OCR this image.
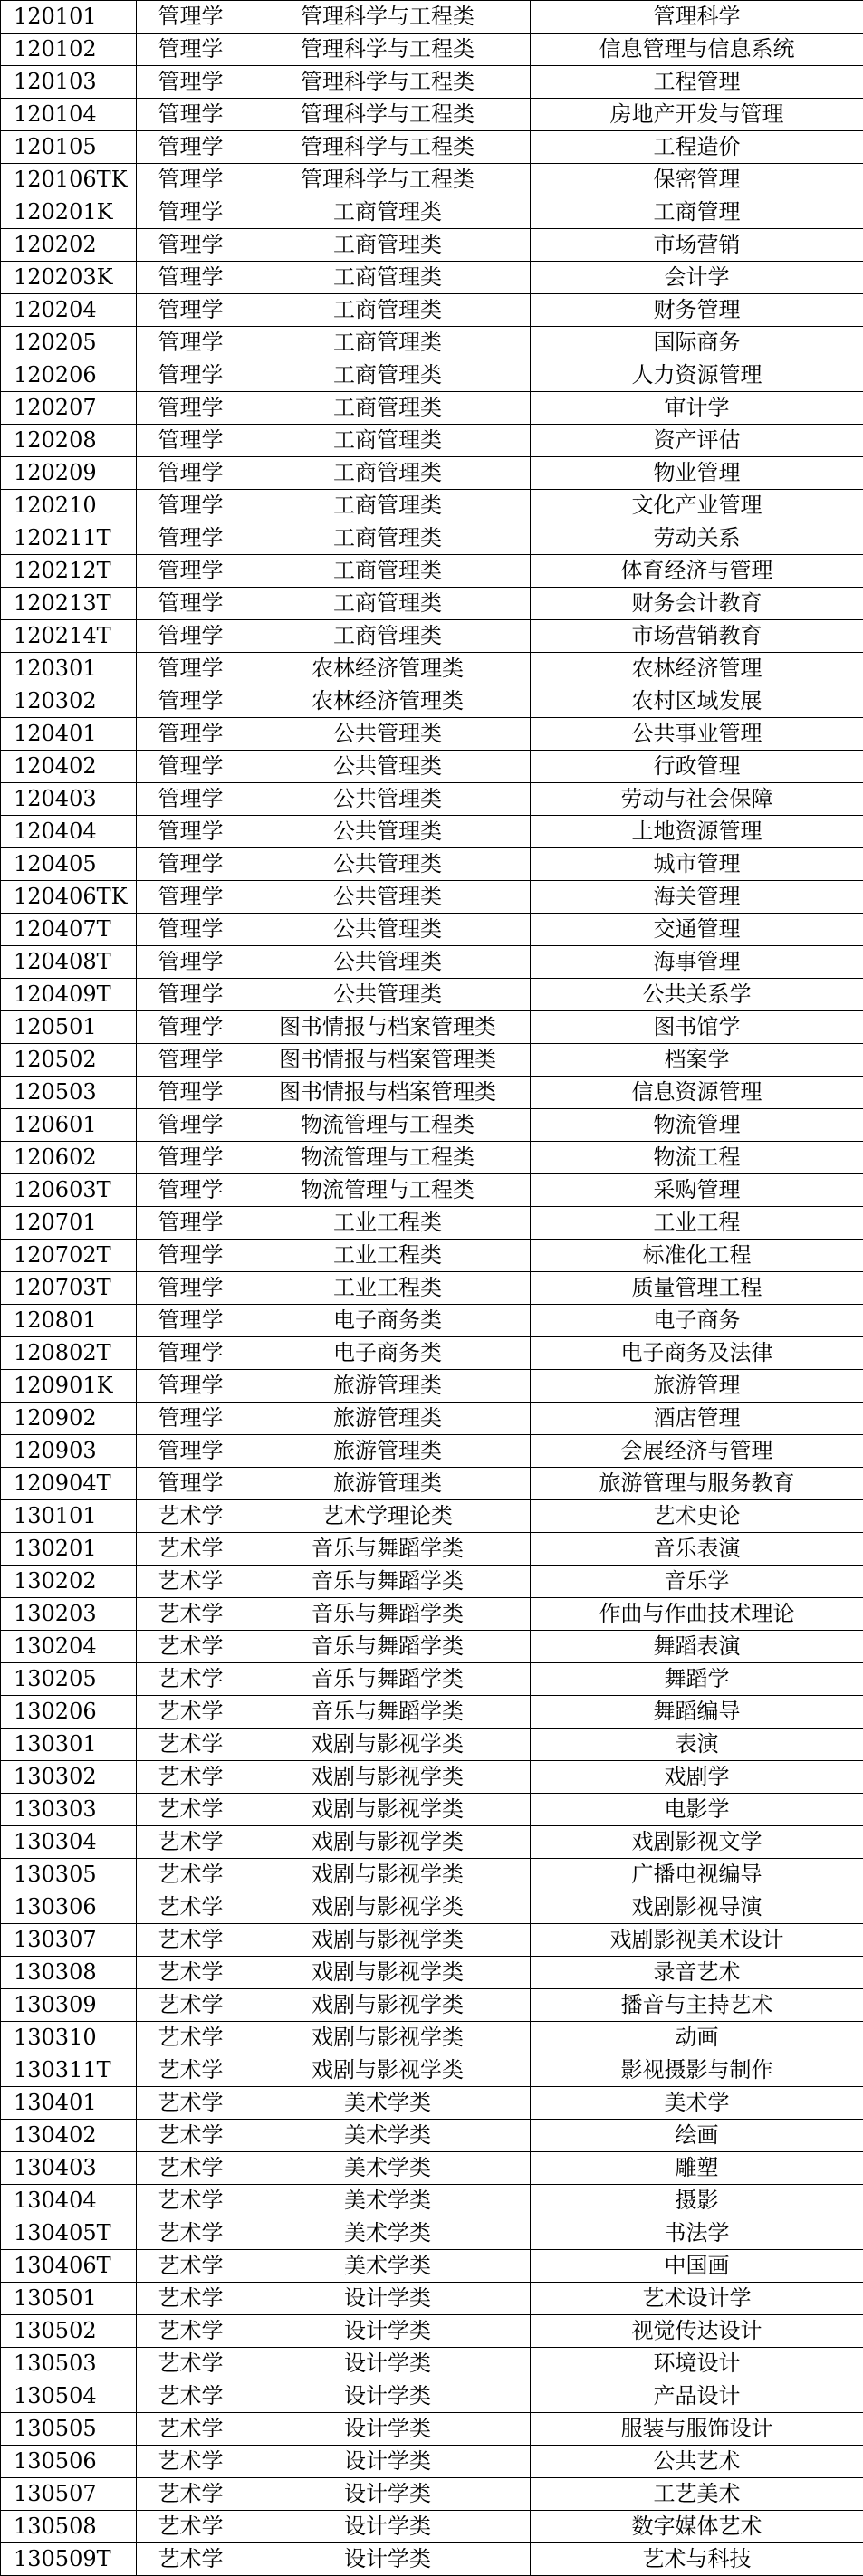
120101	管理学	管理科学与工程类	管理科学
120102	管理学	管理科学与工程类	信息管理与信息系统
120103	管理学	管理科学与工程类	工程管理
120104	管理学	管理科学与工程类	房地产开发与管理
120105	管理学	管理科学与工程类	工程造价
120106TK	管理学	管理科学与工程类	保密管理
120201K	管理学	工商管理类	工商管理
120202	管理学	工商管理类	市场营销
120203K	管理学	工商管理类	会计学
120204	管理学	工商管理类	财务管理
120205	管理学	工商管理类	国际商务
120206	管理学	工商管理类	人力资源管理
120207	管理学	工商管理类	审计学
120208	管理学	工商管理类	资产评估
120209	管理学	工商管理类	物业管理
120210	管理学	工商管理类	文化产业管理
120211T	管理学	工商管理类	劳动关系
120212T	管理学	工商管理类	体育经济与管理
120213T	管理学	工商管理类	财务会计教育
120214T	管理学	工商管理类	市场营销教育
120301	管理学	农林经济管理类	农林经济管理
120302	管理学	农林经济管理类	农村区域发展
120401	管理学	公共管理类	公共事业管理
120402	管理学	公共管理类	行政管理
120403	管理学	公共管理类	劳动与社会保障
120404	管理学	公共管理类	土地资源管理
120405	管理学	公共管理类	城市管理
120406TK	管理学	公共管理类	海关管理
120407T	管理学	公共管理类	交通管理
120408T	管理学	公共管理类	海事管理
120409T	管理学	公共管理类	公共关系学
120501	管理学	图书情报与档案管理类	图书馆学
120502	管理学	图书情报与档案管理类	档案学
120503	管理学	图书情报与档案管理类	信息资源管理
120601	管理学	物流管理与工程类	物流管理
120602	管理学	物流管理与工程类	物流工程
120603T	管理学	物流管理与工程类	采购管理
120701	管理学	工业工程类	工业工程
120702T	管理学	工业工程类	标准化工程
120703T	管理学	工业工程类	质量管理工程
120801	管理学	电子商务类	电子商务
120802T	管理学	电子商务类	电子商务及法律
120901K	管理学	旅游管理类	旅游管理
120902	管理学	旅游管理类	酒店管理
120903	管理学	旅游管理类	会展经济与管理
120904T	管理学	旅游管理类	旅游管理与服务教育
130101	艺术学	艺术学理论类	艺术史论
130201	艺术学	音乐与舞蹈学类	音乐表演
130202	艺术学	音乐与舞蹈学类	音乐学
130203	艺术学	音乐与舞蹈学类	作曲与作曲技术理论
130204	艺术学	音乐与舞蹈学类	舞蹈表演
130205	艺术学	音乐与舞蹈学类	舞蹈学
130206	艺术学	音乐与舞蹈学类	舞蹈编导
130301	艺术学	戏剧与影视学类	表演
130302	艺术学	戏剧与影视学类	戏剧学
130303	艺术学	戏剧与影视学类	电影学
130304	艺术学	戏剧与影视学类	戏剧影视文学
130305	艺术学	戏剧与影视学类	广播电视编导
130306	艺术学	戏剧与影视学类	戏剧影视导演
130307	艺术学	戏剧与影视学类	戏剧影视美术设计
130308	艺术学	戏剧与影视学类	录音艺术
130309	艺术学	戏剧与影视学类	播音与主持艺术
130310	艺术学	戏剧与影视学类	动画
130311T	艺术学	戏剧与影视学类	影视摄影与制作
130401	艺术学	美术学类	美术学
130402	艺术学	美术学类	绘画
130403	艺术学	美术学类	雕塑
130404	艺术学	美术学类	摄影
130405T	艺术学	美术学类	书法学
130406T	艺术学	美术学类	中国画
130501	艺术学	设计学类	艺术设计学
130502	艺术学	设计学类	视觉传达设计
130503	艺术学	设计学类	环境设计
130504	艺术学	设计学类	产品设计
130505	艺术学	设计学类	服装与服饰设计
130506	艺术学	设计学类	公共艺术
130507	艺术学	设计学类	工艺美术
130508	艺术学	设计学类	数字媒体艺术
130509T	艺术学	设计学类	艺术与科技
